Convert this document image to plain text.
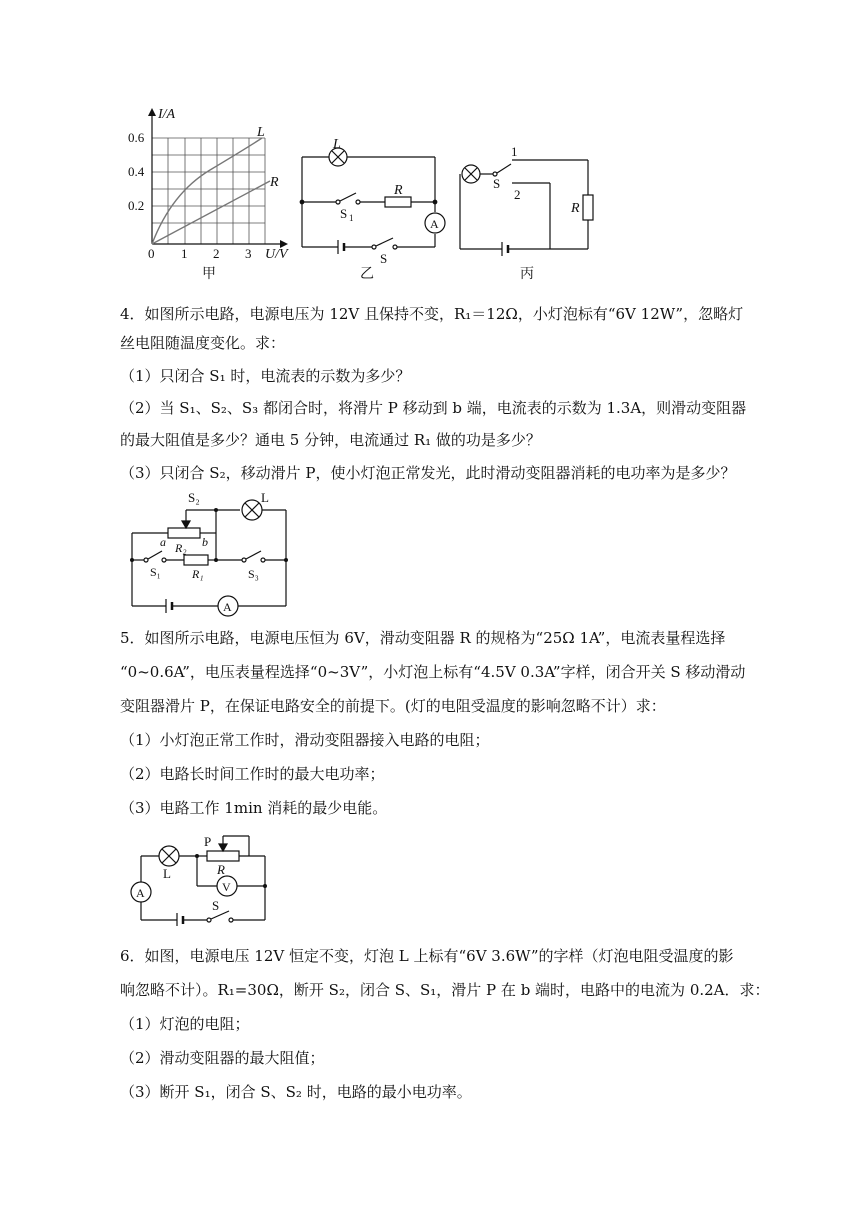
I/A
U/V
0.6
0.4
0.2
0 1 2 3
L
R
甲
L
R
S 1
S
A
乙
1
S
2
R
丙
4．如图所示电路，电源电压为 12V 且保持不变，R₁＝12Ω，小灯泡标有“6V 12W”，忽略灯
丝电阻随温度变化。求：
（1）只闭合 S₁ 时，电流表的示数为多少？
（2）当 S₁、S₂、S₃ 都闭合时，将滑片 P 移动到 b 端，电流表的示数为 1.3A，则滑动变阻器
的最大阻值是多少？通电 5 分钟，电流通过 R₁ 做的功是多少？
（3）只闭合 S₂，移动滑片 P，使小灯泡正常发光，此时滑动变阻器消耗的电功率为是多少？
S₂	L
a	b
R₂
S₁	R₁	S₃
A
5．如图所示电路，电源电压恒为 6V，滑动变阻器 R 的规格为“25Ω 1A”，电流表量程选择
“0~0.6A”，电压表量程选择“0~3V”，小灯泡上标有“4.5V 0.3A”字样，闭合开关 S 移动滑动
变阻器滑片 P，在保证电路安全的前提下。(灯的电阻受温度的影响忽略不计）求：
（1）小灯泡正常工作时，滑动变阻器接入电路的电阻；
（2）电路长时间工作时的最大电功率；
（3）电路工作 1min 消耗的最少电能。
P
R
L
A	V
S
6．如图，电源电压 12V 恒定不变，灯泡 L 上标有“6V 3.6W”的字样（灯泡电阻受温度的影
响忽略不计）。R₁=30Ω，断开 S₂，闭合 S、S₁，滑片 P 在 b 端时，电路中的电流为 0.2A．求：
（1）灯泡的电阻；
（2）滑动变阻器的最大阻值；
（3）断开 S₁，闭合 S、S₂ 时，电路的最小电功率。
